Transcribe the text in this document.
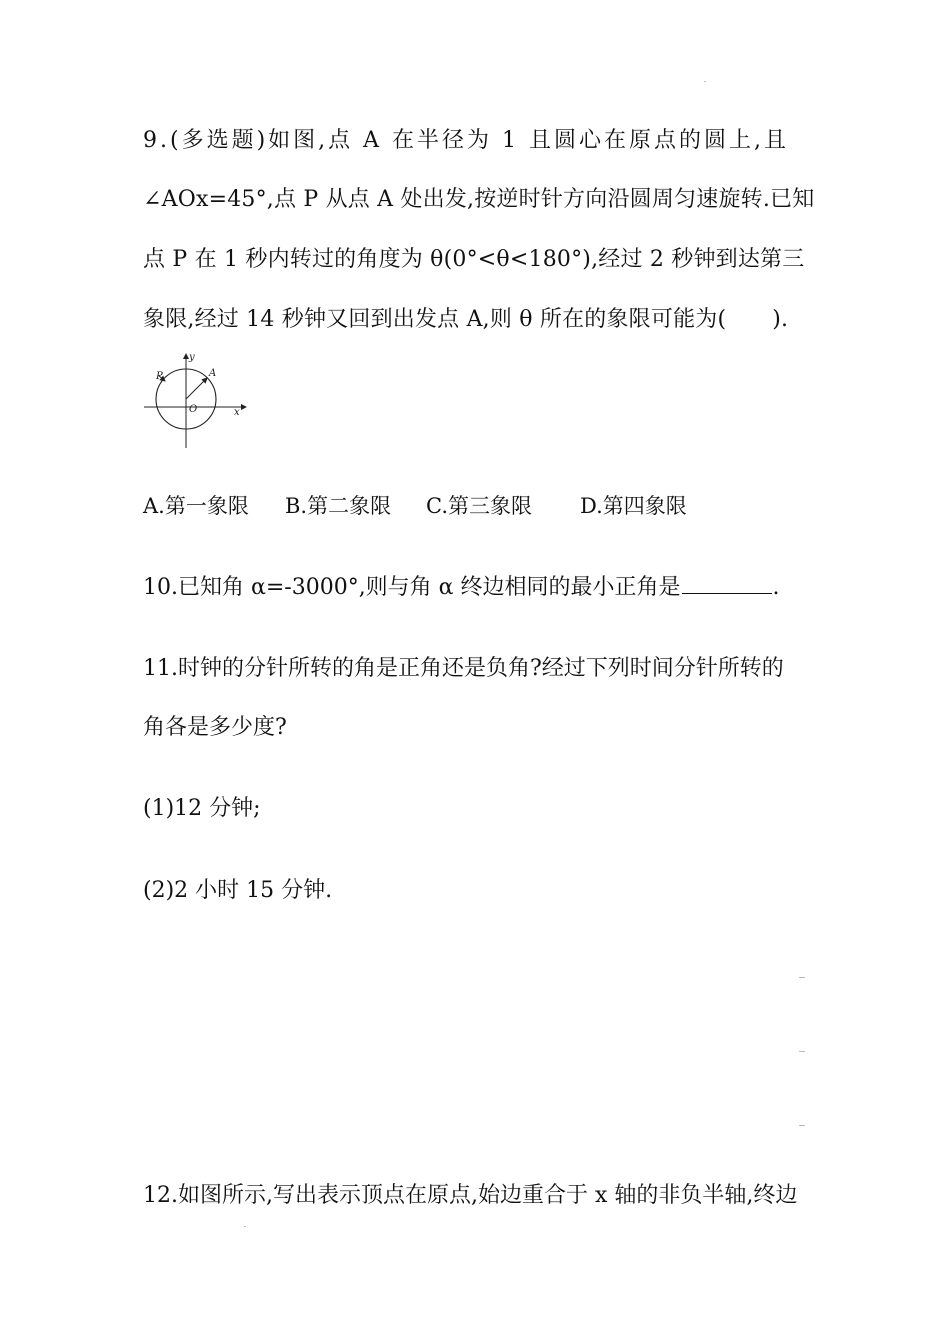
9.(多选题)如图,点 A 在半径为 1 且圆心在原点的圆上,且
∠AOx=45°,点 P 从点 A 处出发,按逆时针方向沿圆周匀速旋转.已知
点 P 在 1 秒内转过的角度为 θ(0°<θ<180°),经过 2 秒钟到达第三
象限,经过 14 秒钟又回到出发点 A,则 θ 所在的象限可能为( ).
y
x
O
A
P
A.第一象限 B.第二象限 C.第三象限 D.第四象限
10.已知角 α=-3000°,则与角 α 终边相同的最小正角是	.
11.时钟的分针所转的角是正角还是负角?经过下列时间分针所转的
角各是多少度?
(1)12 分钟;
(2)2 小时 15 分钟.
12.如图所示,写出表示顶点在原点,始边重合于 x 轴的非负半轴,终边
